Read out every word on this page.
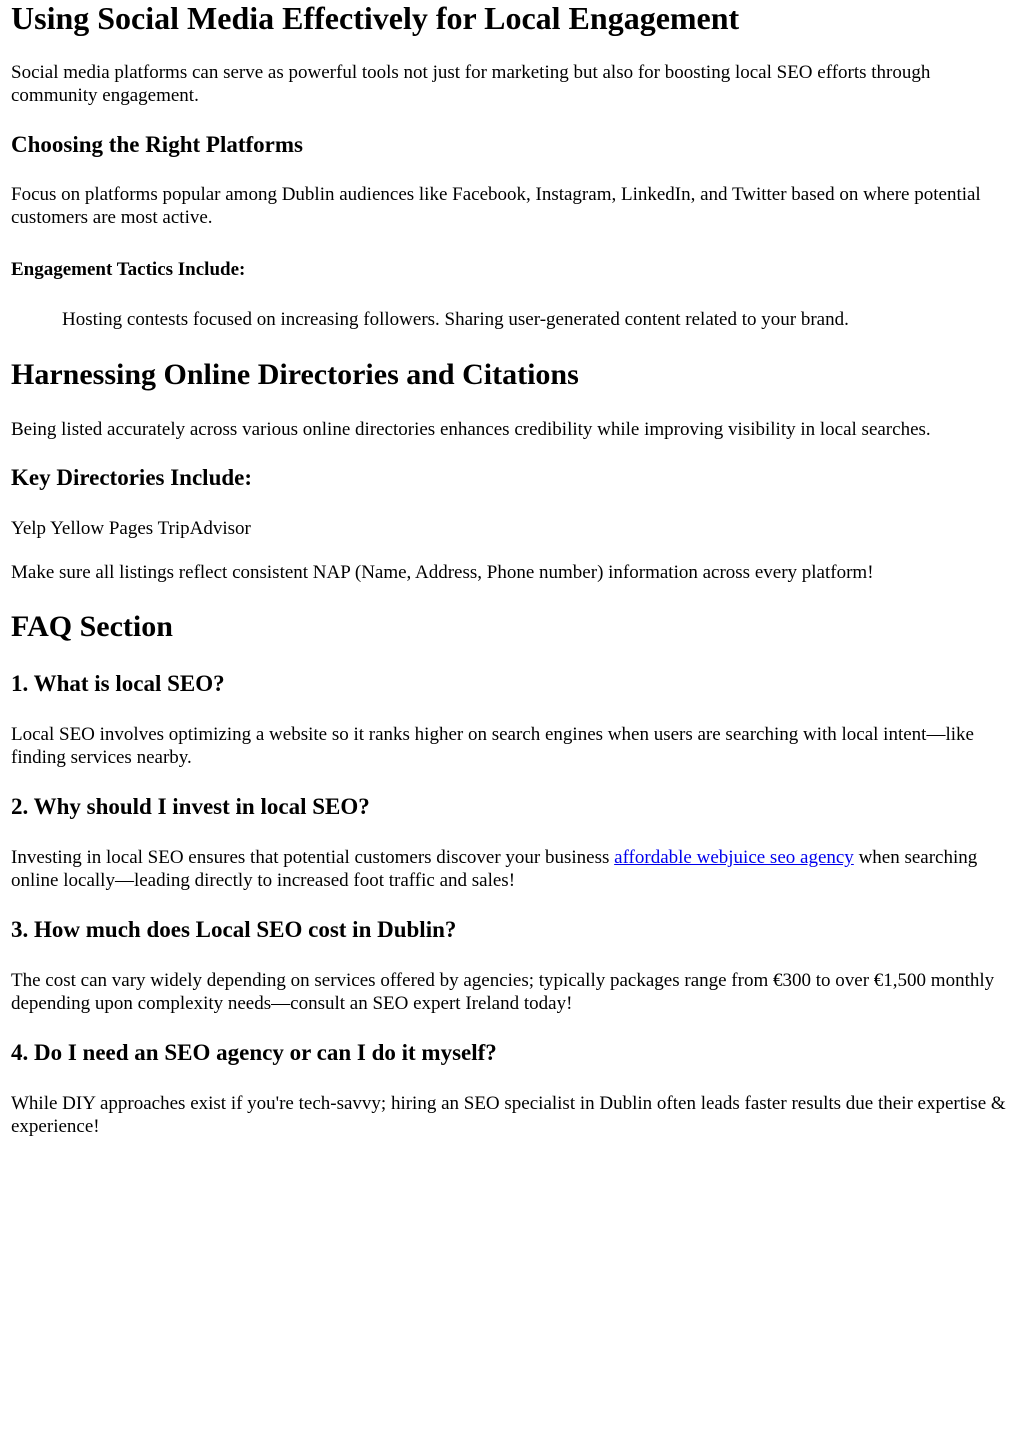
Using Social Media Effectively for Local Engagement

Social media platforms can serve as powerful tools not just for marketing but also for boosting local SEO efforts through community engagement.

Choosing the Right Platforms

Focus on platforms popular among Dublin audiences like Facebook, Instagram, LinkedIn, and Twitter based on where potential customers are most active.

Engagement Tactics Include:

Hosting contests focused on increasing followers. Sharing user-generated content related to your brand.

Harnessing Online Directories and Citations

Being listed accurately across various online directories enhances credibility while improving visibility in local searches.

Key Directories Include:

Yelp Yellow Pages TripAdvisor

Make sure all listings reflect consistent NAP (Name, Address, Phone number) information across every platform!

FAQ Section
1. What is local SEO?

Local SEO involves optimizing a website so it ranks higher on search engines when users are searching with local intent—like finding services nearby.

2. Why should I invest in local SEO?

Investing in local SEO ensures that potential customers discover your business affordable webjuice seo agency when searching online locally—leading directly to increased foot traffic and sales!

3. How much does Local SEO cost in Dublin?

The cost can vary widely depending on services offered by agencies; typically packages range from €300 to over €1,500 monthly depending upon complexity needs—consult an SEO expert Ireland today!

4. Do I need an SEO agency or can I do it myself?

While DIY approaches exist if you're tech-savvy; hiring an SEO specialist in Dublin often leads faster results due their expertise & experience!
